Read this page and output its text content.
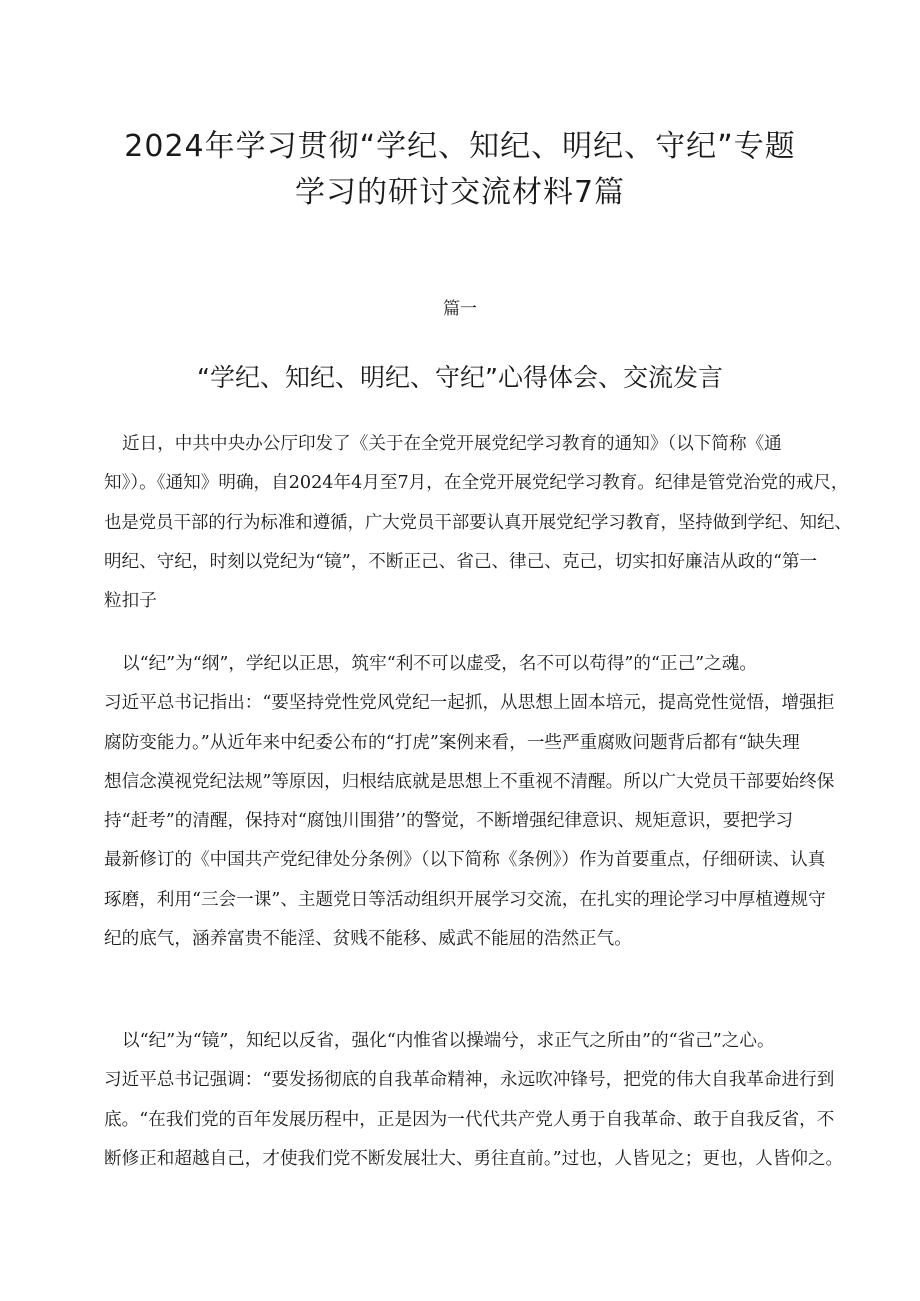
2024年学习贯彻“学纪、知纪、明纪、守纪”专题
学习的研讨交流材料7篇
篇一
“学纪、知纪、明纪、守纪”心得体会、交流发言

近日，中共中央办公厅印发了《关于在全党开展党纪学习教育的通知》（以下简称《通
知》）。《通知》明确，自2024年4月至7月，在全党开展党纪学习教育。纪律是管党治党的戒尺，
也是党员干部的行为标准和遵循，广大党员干部要认真开展党纪学习教育，坚持做到学纪、知纪、
明纪、守纪，时刻以党纪为“镜”，不断正己、省己、律己、克己，切实扣好廉洁从政的“第一
粒扣子

以“纪”为“纲”，学纪以正思，筑牢“利不可以虚受，名不可以苟得”的“正己”之魂。
习近平总书记指出：“要坚持党性党风党纪一起抓，从思想上固本培元，提高党性觉悟，增强拒
腐防变能力。”从近年来中纪委公布的“打虎”案例来看，一些严重腐败问题背后都有“缺失理
想信念漠视党纪法规”等原因，归根结底就是思想上不重视不清醒。所以广大党员干部要始终保
持“赶考”的清醒，保持对“腐蚀川围猎’’的警觉，不断增强纪律意识、规矩意识，要把学习
最新修订的《中国共产党纪律处分条例》（以下简称《条例》）作为首要重点，仔细研读、认真
琢磨，利用“三会一课”、主题党日等活动组织开展学习交流，在扎实的理论学习中厚植遵规守
纪的底气，涵养富贵不能淫、贫贱不能移、威武不能屈的浩然正气。

以“纪”为“镜”，知纪以反省，强化“内惟省以操端兮，求正气之所由”的“省己”之心。
习近平总书记强调：“要发扬彻底的自我革命精神，永远吹冲锋号，把党的伟大自我革命进行到
底。“在我们党的百年发展历程中，正是因为一代代共产党人勇于自我革命、敢于自我反省，不
断修正和超越自己，才使我们党不断发展壮大、勇往直前。”过也，人皆见之；更也，人皆仰之。
